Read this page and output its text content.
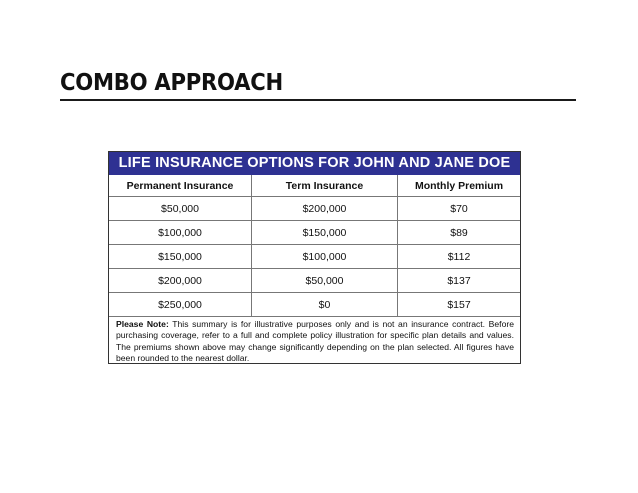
COMBO APPROACH
LIFE INSURANCE OPTIONS FOR JOHN AND JANE DOE
Permanent Insurance	Term Insurance	Monthly Premium
$50,000	$200,000	$70
$100,000	$150,000	$89
$150,000	$100,000	$112
$200,000	$50,000	$137
$250,000	$0	$157
Please Note: This summary is for illustrative purposes only and is not an insurance contract. Before purchasing coverage, refer to a full and complete policy illustration for specific plan details and values. The premiums shown above may change significantly depending on the plan selected. All figures have been rounded to the nearest dollar.
